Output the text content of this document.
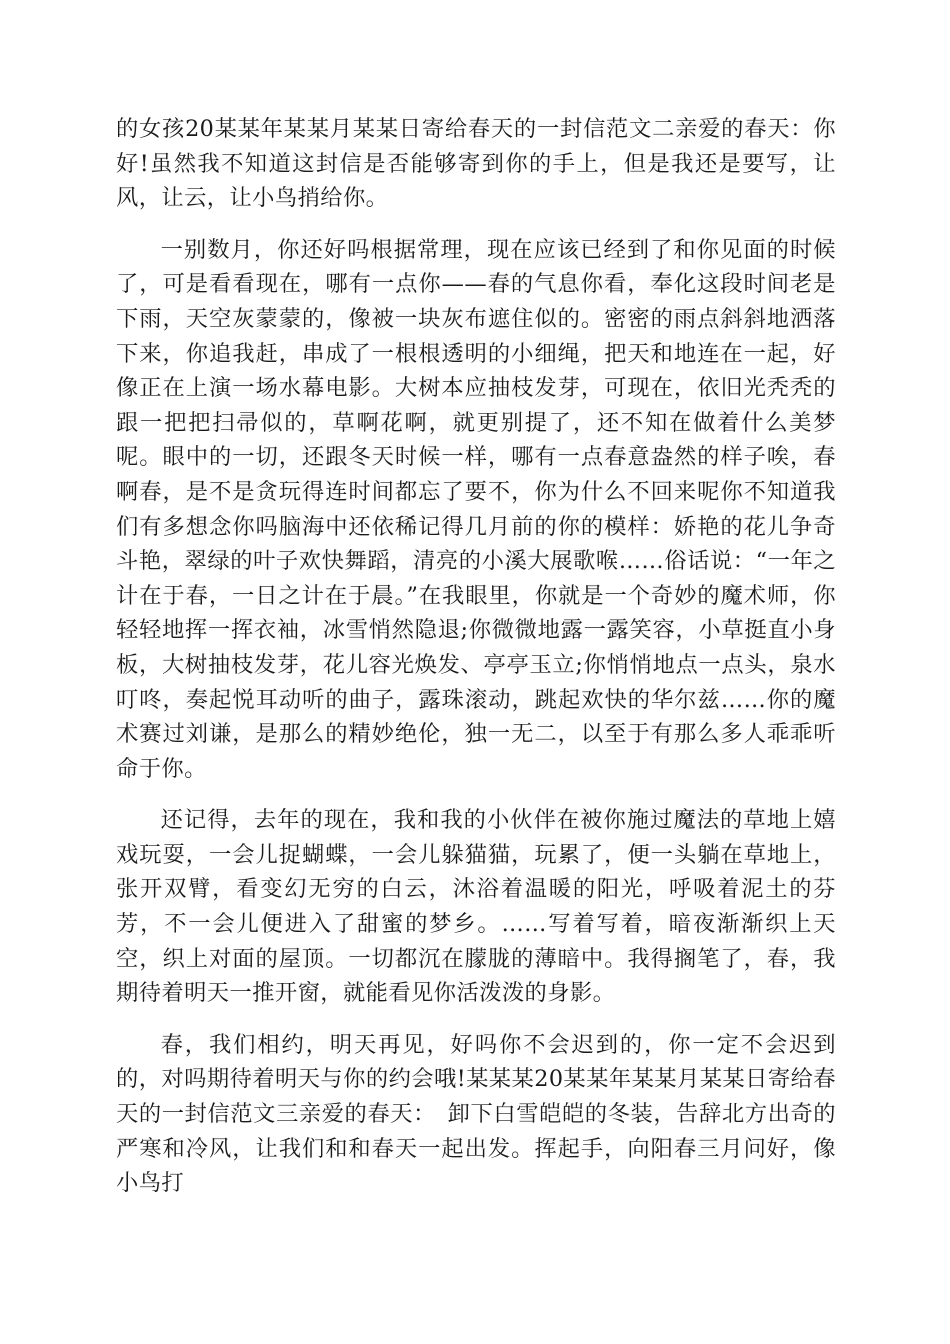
的女孩20某某年某某月某某日寄给春天的一封信范文二亲爱的春天：你好!虽然我不知道这封信是否能够寄到你的手上，但是我还是要写，让风，让云，让小鸟捎给你。

一别数月，你还好吗根据常理，现在应该已经到了和你见面的时候了，可是看看现在，哪有一点你——春的气息你看，奉化这段时间老是下雨，天空灰蒙蒙的，像被一块灰布遮住似的。密密的雨点斜斜地洒落下来，你追我赶，串成了一根根透明的小细绳，把天和地连在一起，好像正在上演一场水幕电影。大树本应抽枝发芽，可现在，依旧光秃秃的跟一把把扫帚似的，草啊花啊，就更别提了，还不知在做着什么美梦呢。眼中的一切，还跟冬天时候一样，哪有一点春意盎然的样子唉，春啊春，是不是贪玩得连时间都忘了要不，你为什么不回来呢你不知道我们有多想念你吗脑海中还依稀记得几月前的你的模样：娇艳的花儿争奇斗艳，翠绿的叶子欢快舞蹈，清亮的小溪大展歌喉……俗话说：“一年之计在于春，一日之计在于晨。”在我眼里，你就是一个奇妙的魔术师，你轻轻地挥一挥衣袖，冰雪悄然隐退;你微微地露一露笑容，小草挺直小身板，大树抽枝发芽，花儿容光焕发、亭亭玉立;你悄悄地点一点头，泉水叮咚，奏起悦耳动听的曲子，露珠滚动，跳起欢快的华尔兹……你的魔术赛过刘谦，是那么的精妙绝伦，独一无二，以至于有那么多人乖乖听命于你。

还记得，去年的现在，我和我的小伙伴在被你施过魔法的草地上嬉戏玩耍，一会儿捉蝴蝶，一会儿躲猫猫，玩累了，便一头躺在草地上，张开双臂，看变幻无穷的白云，沐浴着温暖的阳光，呼吸着泥土的芬芳，不一会儿便进入了甜蜜的梦乡。……写着写着，暗夜渐渐织上天空，织上对面的屋顶。一切都沉在朦胧的薄暗中。我得搁笔了，春，我期待着明天一推开窗，就能看见你活泼泼的身影。

春，我们相约，明天再见，好吗你不会迟到的，你一定不会迟到的，对吗期待着明天与你的约会哦!某某某20某某年某某月某某日寄给春天的一封信范文三亲爱的春天：　卸下白雪皑皑的冬装，告辞北方出奇的严寒和冷风，让我们和和春天一起出发。挥起手，向阳春三月问好，像小鸟打
